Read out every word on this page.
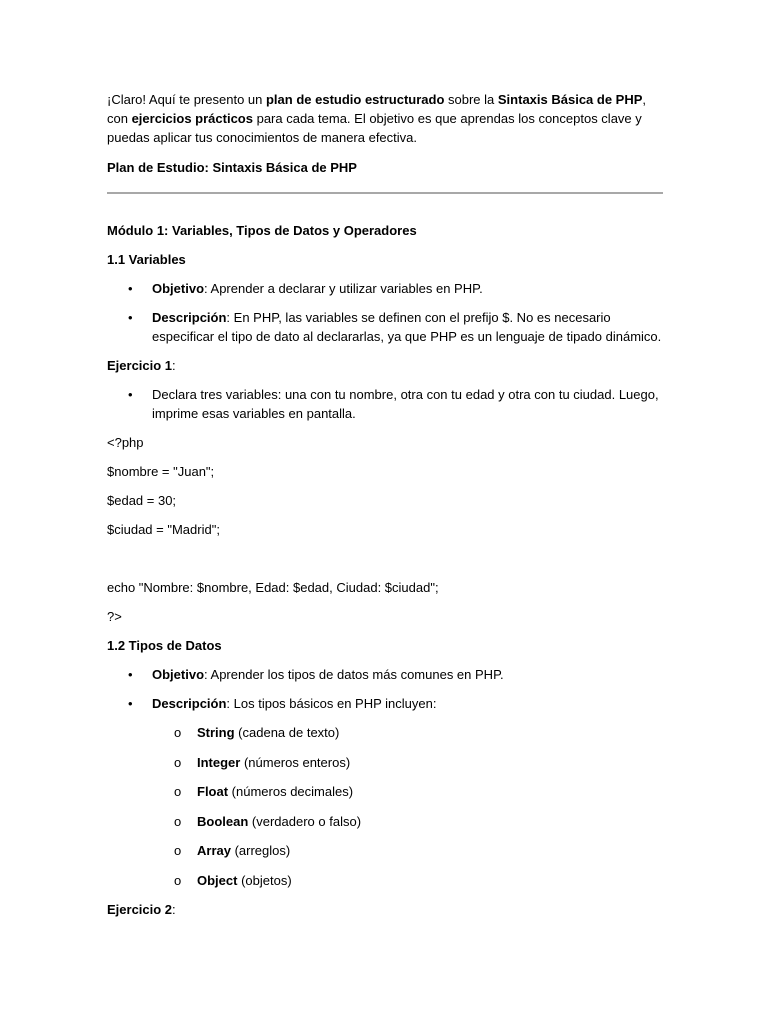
¡Claro! Aquí te presento un plan de estudio estructurado sobre la Sintaxis Básica de PHP, con ejercicios prácticos para cada tema. El objetivo es que aprendas los conceptos clave y puedas aplicar tus conocimientos de manera efectiva.

Plan de Estudio: Sintaxis Básica de PHP

Módulo 1: Variables, Tipos de Datos y Operadores

1.1 Variables

• Objetivo: Aprender a declarar y utilizar variables en PHP.
• Descripción: En PHP, las variables se definen con el prefijo $. No es necesario especificar el tipo de dato al declararlas, ya que PHP es un lenguaje de tipado dinámico.

Ejercicio 1:

• Declara tres variables: una con tu nombre, otra con tu edad y otra con tu ciudad. Luego, imprime esas variables en pantalla.

<?php

$nombre = "Juan";

$edad = 30;

$ciudad = "Madrid";

echo "Nombre: $nombre, Edad: $edad, Ciudad: $ciudad";

?>

1.2 Tipos de Datos

• Objetivo: Aprender los tipos de datos más comunes en PHP.
• Descripción: Los tipos básicos en PHP incluyen:
o String (cadena de texto)
o Integer (números enteros)
o Float (números decimales)
o Boolean (verdadero o falso)
o Array (arreglos)
o Object (objetos)

Ejercicio 2:
